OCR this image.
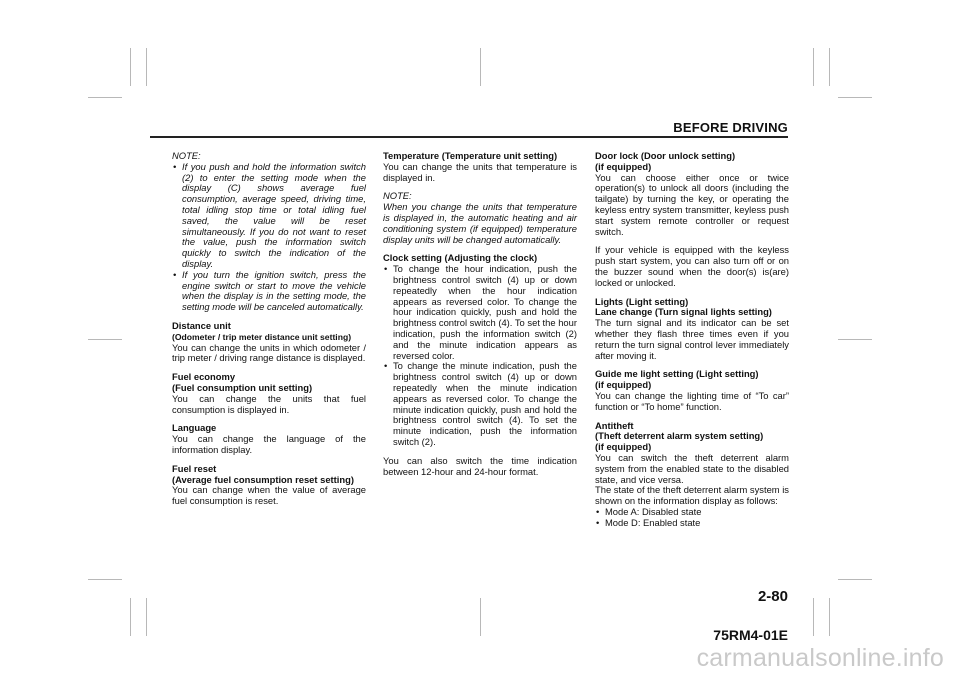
BEFORE DRIVING

NOTE:

• If you push and hold the information switch (2) to enter the setting mode when the display (C) shows average fuel consumption, average speed, driving time, total idling stop time or total idling fuel saved, the value will be reset simultaneously. If you do not want to reset the value, push the information switch quickly to switch the indication of the display.
• If you turn the ignition switch, press the engine switch or start to move the vehicle when the display is in the setting mode, the setting mode will be canceled automatically.

Distance unit

(Odometer / trip meter distance unit setting)

You can change the units in which odometer / trip meter / driving range distance is displayed.

Fuel economy

(Fuel consumption unit setting)

You can change the units that fuel consumption is displayed in.

Language

You can change the language of the information display.

Fuel reset

(Average fuel consumption reset setting)

You can change when the value of average fuel consumption is reset.

Temperature (Temperature unit setting)

You can change the units that temperature is displayed in.

NOTE:

When you change the units that temperature is displayed in, the automatic heating and air conditioning system (if equipped) temperature display units will be changed automatically.

Clock setting (Adjusting the clock)

• To change the hour indication, push the brightness control switch (4) up or down repeatedly when the hour indication appears as reversed color. To change the hour indication quickly, push and hold the brightness control switch (4). To set the hour indication, push the information switch (2) and the minute indication appears as reversed color.
• To change the minute indication, push the brightness control switch (4) up or down repeatedly when the minute indication appears as reversed color. To change the minute indication quickly, push and hold the brightness control switch (4). To set the minute indication, push the information switch (2).

You can also switch the time indication between 12-hour and 24-hour format.

Door lock (Door unlock setting)

(if equipped)

You can choose either once or twice operation(s) to unlock all doors (including the tailgate) by turning the key, or operating the keyless entry system transmitter, keyless push start system remote controller or request switch.

If your vehicle is equipped with the keyless push start system, you can also turn off or on the buzzer sound when the door(s) is(are) locked or unlocked.

Lights (Light setting)

Lane change (Turn signal lights setting)

The turn signal and its indicator can be set whether they flash three times even if you return the turn signal control lever immediately after moving it.

Guide me light setting (Light setting)

(if equipped)

You can change the lighting time of “To car” function or “To home” function.

Antitheft

(Theft deterrent alarm system setting)

(if equipped)

You can switch the theft deterrent alarm system from the enabled state to the disabled state, and vice versa.

The state of the theft deterrent alarm system is shown on the information display as follows:

• Mode A: Disabled state
• Mode D: Enabled state
2-80
75RM4-01E
carmanualsonline.info
